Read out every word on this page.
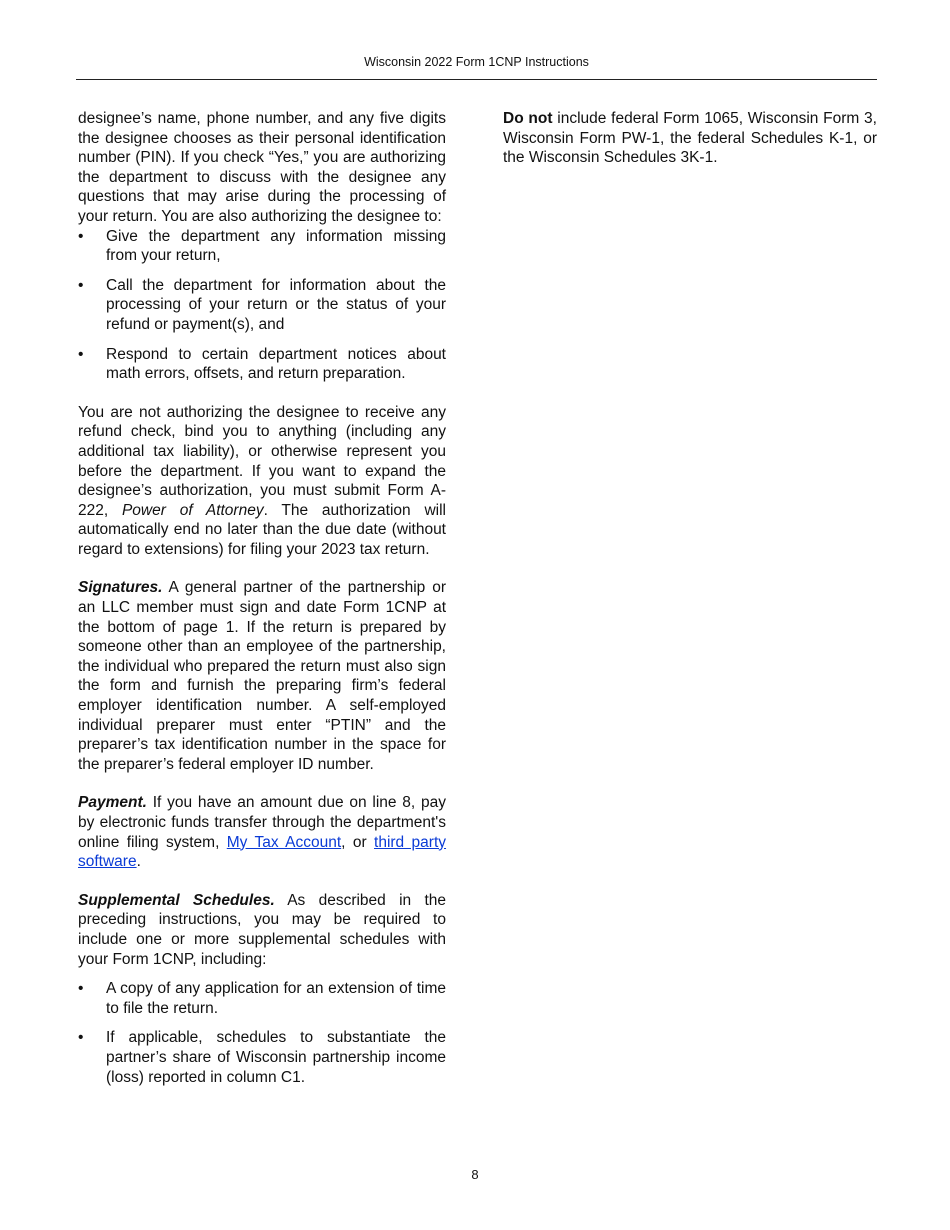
Wisconsin 2022 Form 1CNP Instructions

designee’s name, phone number, and any five digits the designee chooses as their personal identification number (PIN). If you check “Yes,” you are authorizing the department to discuss with the designee any questions that may arise during the processing of your return. You are also authorizing the designee to:

• Give the department any information missing from your return,
• Call the department for information about the processing of your return or the status of your refund or payment(s), and
• Respond to certain department notices about math errors, offsets, and return preparation.

You are not authorizing the designee to receive any refund check, bind you to anything (including any additional tax liability), or otherwise represent you before the department. If you want to expand the designee’s authorization, you must submit Form A-222, Power of Attorney. The authorization will automatically end no later than the due date (without regard to extensions) for filing your 2023 tax return.

Signatures. A general partner of the partnership or an LLC member must sign and date Form 1CNP at the bottom of page 1. If the return is prepared by someone other than an employee of the partnership, the individual who prepared the return must also sign the form and furnish the preparing firm’s federal employer identification number. A self-employed individual preparer must enter “PTIN” and the preparer’s tax identification number in the space for the preparer’s federal employer ID number.

Payment. If you have an amount due on line 8, pay by electronic funds transfer through the department's online filing system, My Tax Account, or third party software.

Supplemental Schedules. As described in the preceding instructions, you may be required to include one or more supplemental schedules with your Form 1CNP, including:

• A copy of any application for an extension of time to file the return.
• If applicable, schedules to substantiate the partner’s share of Wisconsin partnership income (loss) reported in column C1.

Do not include federal Form 1065, Wisconsin Form 3, Wisconsin Form PW-1, the federal Schedules K-1, or the Wisconsin Schedules 3K-1.

8
